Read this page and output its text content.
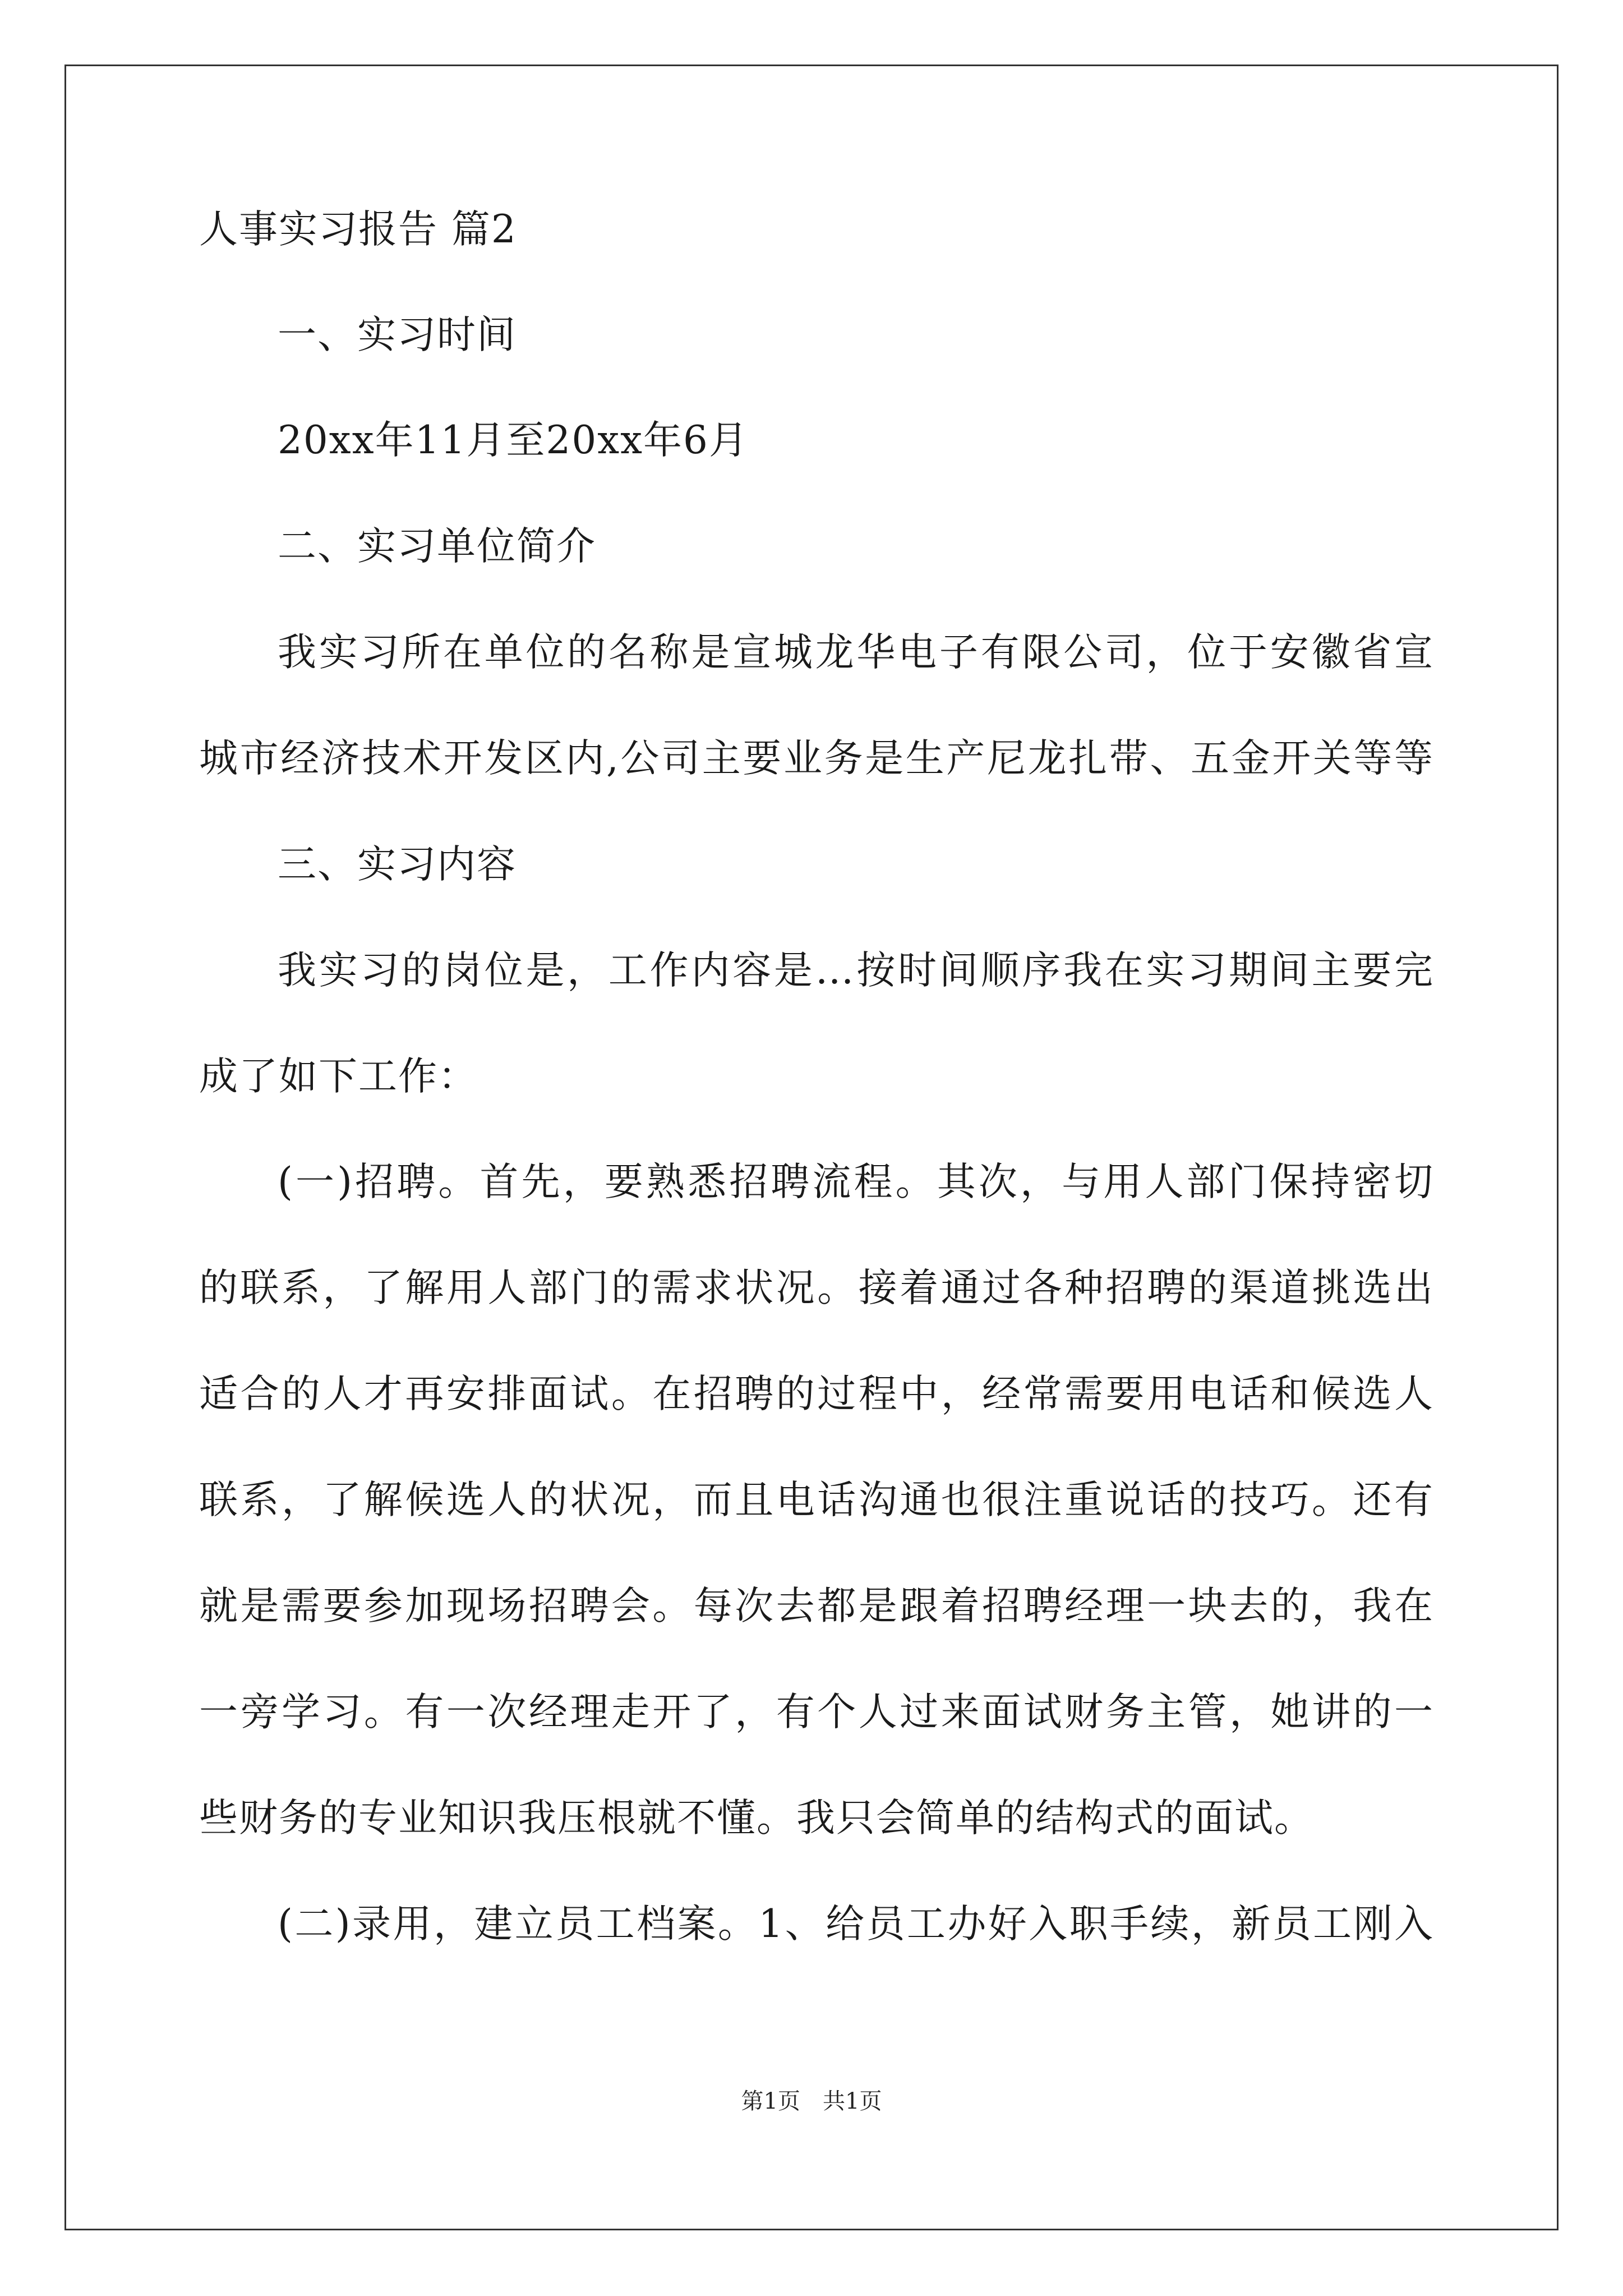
人事实习报告 篇2
一、实习时间
20xx年11月至20xx年6月
二、实习单位简介
我实习所在单位的名称是宣城龙华电子有限公司，位于安徽省宣
城市经济技术开发区内,公司主要业务是生产尼龙扎带、五金开关等等
三、实习内容
我实习的岗位是，工作内容是…按时间顺序我在实习期间主要完
成了如下工作：
(一)招聘。首先，要熟悉招聘流程。其次，与用人部门保持密切
的联系，了解用人部门的需求状况。接着通过各种招聘的渠道挑选出
适合的人才再安排面试。在招聘的过程中，经常需要用电话和候选人
联系，了解候选人的状况，而且电话沟通也很注重说话的技巧。还有
就是需要参加现场招聘会。每次去都是跟着招聘经理一块去的，我在
一旁学习。有一次经理走开了，有个人过来面试财务主管，她讲的一
些财务的专业知识我压根就不懂。我只会简单的结构式的面试。
(二)录用，建立员工档案。1、给员工办好入职手续，新员工刚入
第1页　共1页
